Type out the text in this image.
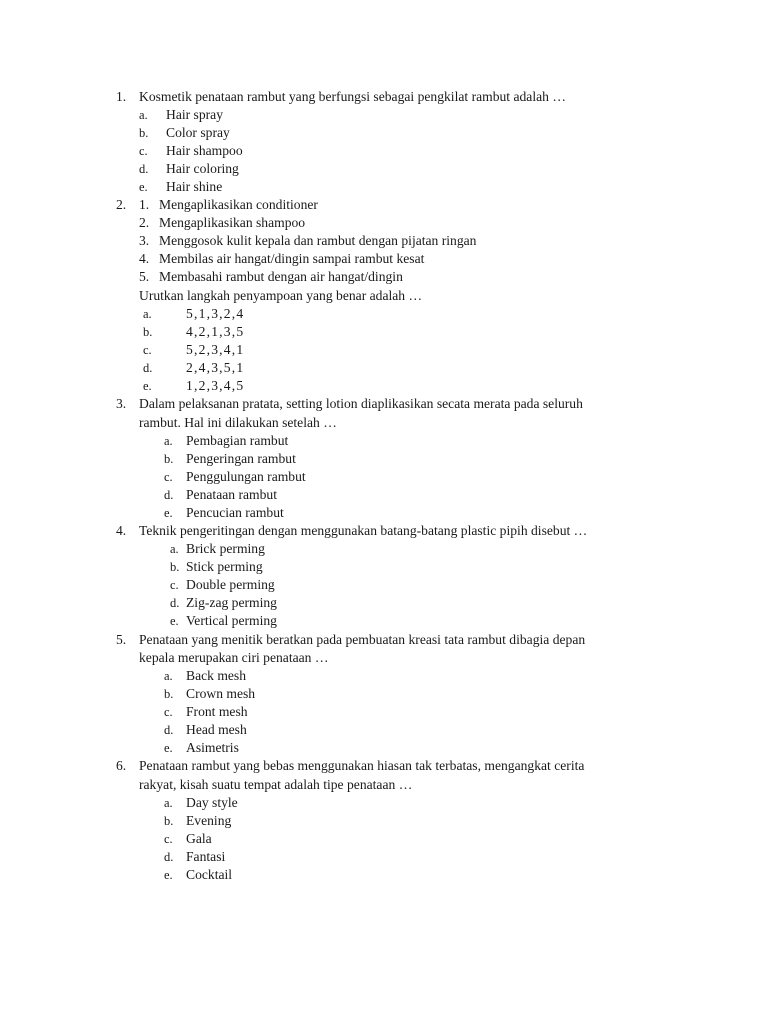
1. Kosmetik penataan rambut yang berfungsi sebagai pengkilat rambut adalah …
a. Hair spray
b. Color spray
c. Hair shampoo
d. Hair coloring
e. Hair shine
2. 1. Mengaplikasikan conditioner
2. Mengaplikasikan shampoo
3. Menggosok kulit kepala dan rambut dengan pijatan ringan
4. Membilas air hangat/dingin sampai rambut kesat
5. Membasahi rambut dengan air hangat/dingin
Urutkan langkah penyampoan yang benar adalah …
a.	5,1,3,2,4
b. 4,2,1,3,5
c.	5,2,3,4,1
d. 2,4,3,5,1
e.	1,2,3,4,5
3. Dalam pelaksanan pratata, setting lotion diaplikasikan secata merata pada seluruh
rambut. Hal ini dilakukan setelah …
a. Pembagian rambut
b. Pengeringan rambut
c. Penggulungan rambut
d. Penataan rambut
e. Pencucian rambut
4. Teknik pengeritingan dengan menggunakan batang-batang plastic pipih disebut …
a. Brick perming
b. Stick perming
c. Double perming
d. Zig-zag perming
e. Vertical perming
5. Penataan yang menitik beratkan pada pembuatan kreasi tata rambut dibagia depan
kepala merupakan ciri penataan …
a. Back mesh
b. Crown mesh
c. Front mesh
d. Head mesh
e. Asimetris
6. Penataan rambut yang bebas menggunakan hiasan tak terbatas, mengangkat cerita
rakyat, kisah suatu tempat adalah tipe penataan …
a. Day style
b. Evening
c. Gala
d. Fantasi
e. Cocktail
